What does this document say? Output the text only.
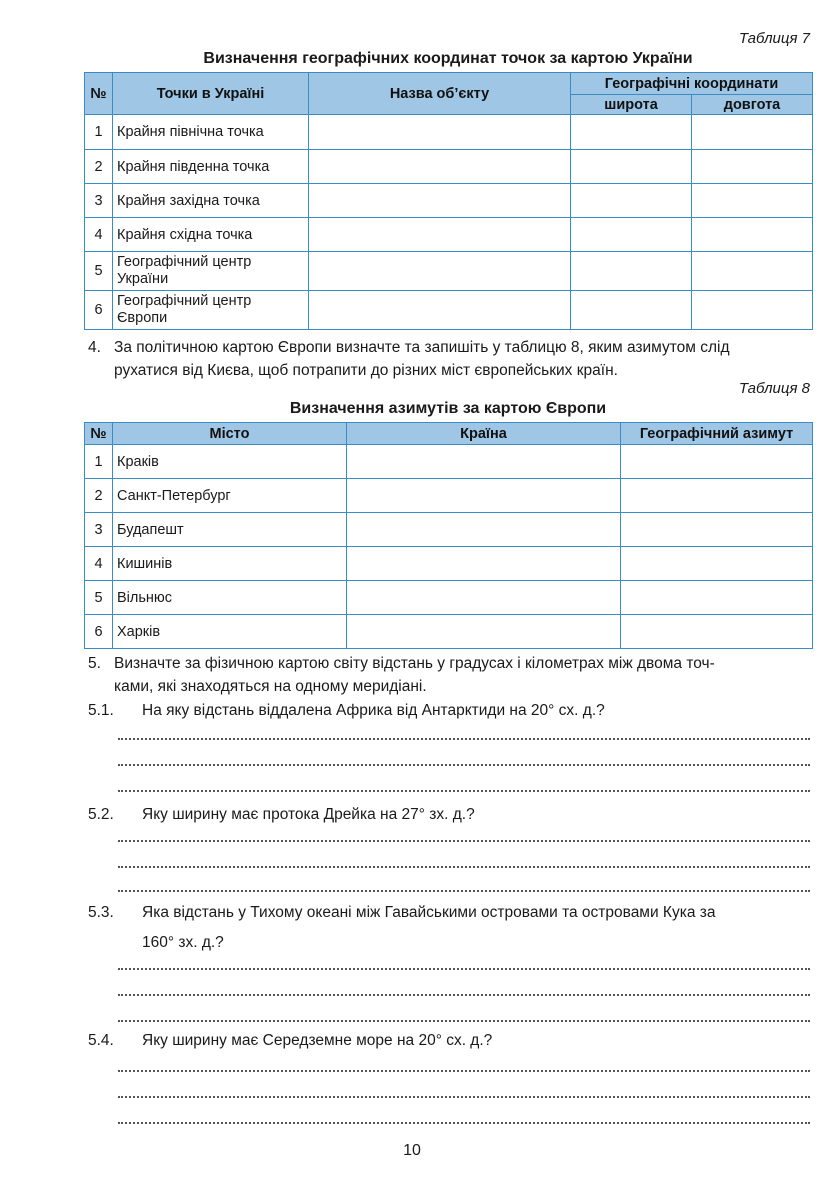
Таблиця 7
Визначення географічних координат точок за картою України
№	Точки в Україні	Назва об’єкту	Географічні координати	
			широта	довгота
1	Крайня північна точка			
2	Крайня південна точка			
3	Крайня західна точка			
4	Крайня східна точка			
5	Географічний центр України			
6	Географічний центр Європи			
4. За політичною картою Європи визначте та запишіть у таблицю 8, яким азимутом слід
рухатися від Києва, щоб потрапити до різних міст європейських країн.
Таблиця 8
Визначення азимутів за картою Європи
№	Місто	Країна	Географічний азимут
1	Краків		
2	Санкт-Петербург		
3	Будапешт		
4	Кишинів		
5	Вільнюс		
6	Харків		
5. Визначте за фізичною картою світу відстань у градусах і кілометрах між двома точ-
ками, які знаходяться на одному меридіані.
5.1. На яку відстань віддалена Африка від Антарктиди на 20° сх. д.?
5.2. Яку ширину має протока Дрейка на 27° зх. д.?
5.3. Яка відстань у Тихому океані між Гавайськими островами та островами Кука за
160° зх. д.?
5.4. Яку ширину має Середземне море на 20° сх. д.?
10
